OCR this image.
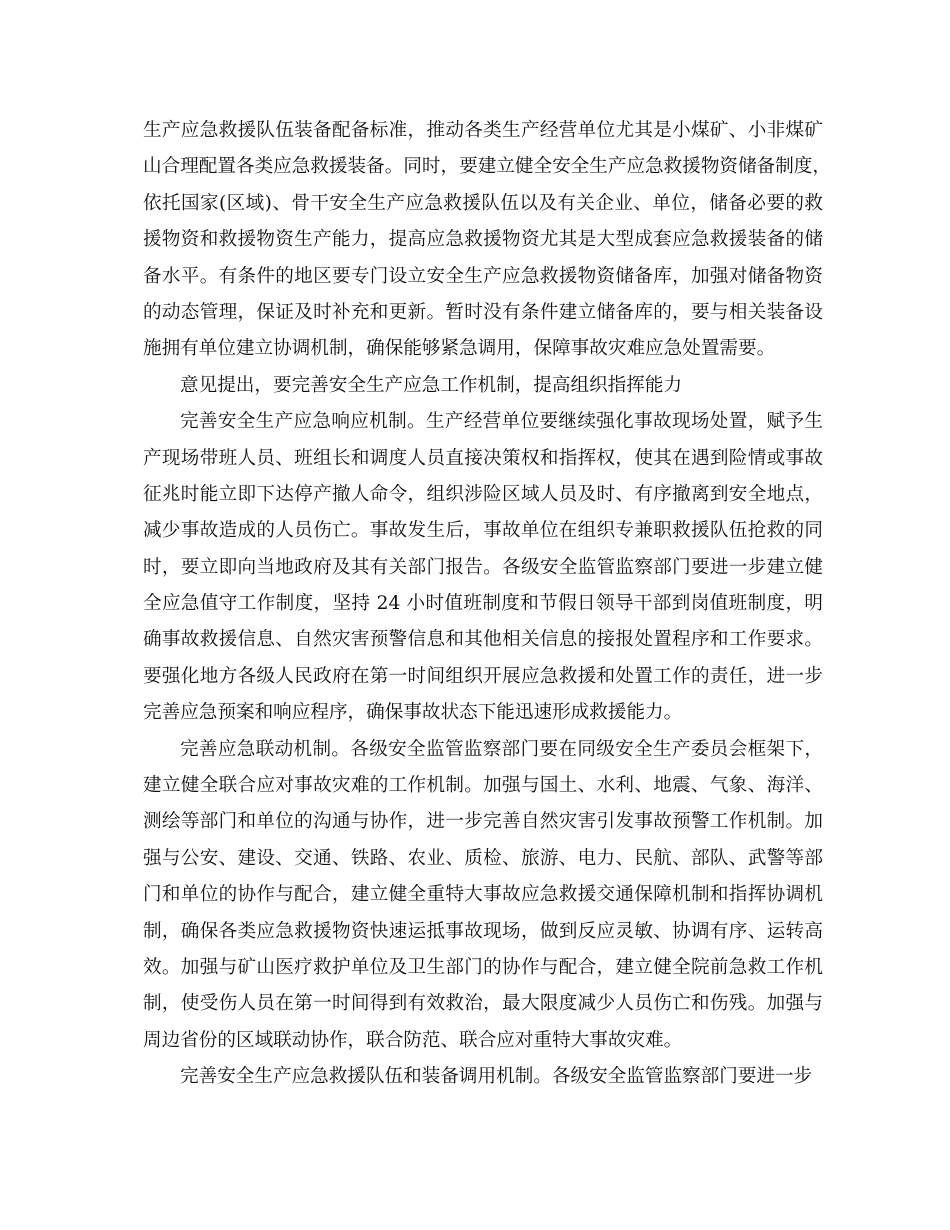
生产应急救援队伍装备配备标准，推动各类生产经营单位尤其是小煤矿、小非煤矿
山合理配置各类应急救援装备。同时，要建立健全安全生产应急救援物资储备制度，
依托国家(区域)、骨干安全生产应急救援队伍以及有关企业、单位，储备必要的救
援物资和救援物资生产能力，提高应急救援物资尤其是大型成套应急救援装备的储
备水平。有条件的地区要专门设立安全生产应急救援物资储备库，加强对储备物资
的动态管理，保证及时补充和更新。暂时没有条件建立储备库的，要与相关装备设
施拥有单位建立协调机制，确保能够紧急调用，保障事故灾难应急处置需要。
意见提出，要完善安全生产应急工作机制，提高组织指挥能力
完善安全生产应急响应机制。生产经营单位要继续强化事故现场处置，赋予生
产现场带班人员、班组长和调度人员直接决策权和指挥权，使其在遇到险情或事故
征兆时能立即下达停产撤人命令，组织涉险区域人员及时、有序撤离到安全地点，
减少事故造成的人员伤亡。事故发生后，事故单位在组织专兼职救援队伍抢救的同
时，要立即向当地政府及其有关部门报告。各级安全监管监察部门要进一步建立健
全应急值守工作制度，坚持 24 小时值班制度和节假日领导干部到岗值班制度，明
确事故救援信息、自然灾害预警信息和其他相关信息的接报处置程序和工作要求。
要强化地方各级人民政府在第一时间组织开展应急救援和处置工作的责任，进一步
完善应急预案和响应程序，确保事故状态下能迅速形成救援能力。
完善应急联动机制。各级安全监管监察部门要在同级安全生产委员会框架下，
建立健全联合应对事故灾难的工作机制。加强与国土、水利、地震、气象、海洋、
测绘等部门和单位的沟通与协作，进一步完善自然灾害引发事故预警工作机制。加
强与公安、建设、交通、铁路、农业、质检、旅游、电力、民航、部队、武警等部
门和单位的协作与配合，建立健全重特大事故应急救援交通保障机制和指挥协调机
制，确保各类应急救援物资快速运抵事故现场，做到反应灵敏、协调有序、运转高
效。加强与矿山医疗救护单位及卫生部门的协作与配合，建立健全院前急救工作机
制，使受伤人员在第一时间得到有效救治，最大限度减少人员伤亡和伤残。加强与
周边省份的区域联动协作，联合防范、联合应对重特大事故灾难。
完善安全生产应急救援队伍和装备调用机制。各级安全监管监察部门要进一步
